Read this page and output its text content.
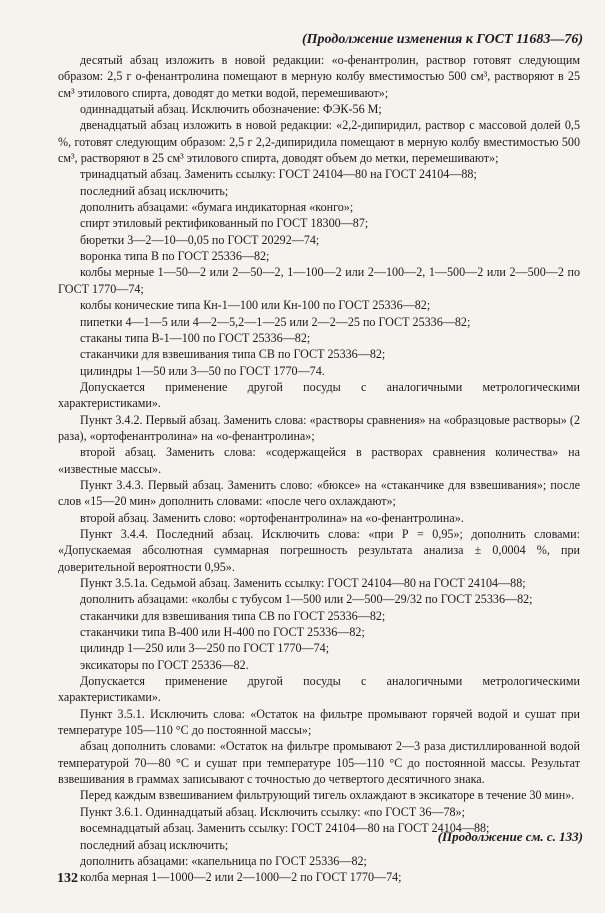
(Продолжение изменения к ГОСТ 11683—76)

десятый абзац изложить в новой редакции: «о-фенантролин, раствор готовят следующим образом: 2,5 г о-фенантролина помещают в мерную колбу вместимостью 500 см³, растворяют в 25 см³ этилового спирта, доводят до метки водой, перемешивают»;

одиннадцатый абзац. Исключить обозначение: ФЭК-56 М;

двенадцатый абзац изложить в новой редакции: «2,2-дипиридил, раствор с массовой долей 0,5 %, готовят следующим образом: 2,5 г 2,2-дипиридила помещают в мерную колбу вместимостью 500 см³, растворяют в 25 см³ этилового спирта, доводят объем до метки, перемешивают»;

тринадцатый абзац. Заменить ссылку: ГОСТ 24104—80 на ГОСТ 24104—88;

последний абзац исключить;

дополнить абзацами: «бумага индикаторная «конго»;

спирт этиловый ректификованный по ГОСТ 18300—87;

бюретки 3—2—10—0,05 по ГОСТ 20292—74;

воронка типа В по ГОСТ 25336—82;

колбы мерные 1—50—2 или 2—50—2, 1—100—2 или 2—100—2, 1—500—2 или 2—500—2 по ГОСТ 1770—74;

колбы конические типа Кн-1—100 или Кн-100 по ГОСТ 25336—82;

пипетки 4—1—5 или 4—2—5,2—1—25 или 2—2—25 по ГОСТ 25336—82;

стаканы типа В-1—100 по ГОСТ 25336—82;

стаканчики для взвешивания типа СВ по ГОСТ 25336—82;

цилиндры 1—50 или 3—50 по ГОСТ 1770—74.

Допускается применение другой посуды с аналогичными метрологическими характеристиками».

Пункт 3.4.2. Первый абзац. Заменить слова: «растворы сравнения» на «образцовые растворы» (2 раза), «ортофенантролина» на «о-фенантролина»;

второй абзац. Заменить слова: «содержащейся в растворах сравнения количества» на «известные массы».

Пункт 3.4.3. Первый абзац. Заменить слово: «бюксе» на «стаканчике для взвешивания»; после слов «15—20 мин» дополнить словами: «после чего охлаждают»;

второй абзац. Заменить слово: «ортофенантролина» на «о-фенантролина».

Пункт 3.4.4. Последний абзац. Исключить слова: «при Р = 0,95»; дополнить словами: «Допускаемая абсолютная суммарная погрешность результата анализа ± 0,0004 %, при доверительной вероятности 0,95».

Пункт 3.5.1а. Седьмой абзац. Заменить ссылку: ГОСТ 24104—80 на ГОСТ 24104—88;

дополнить абзацами: «колбы с тубусом 1—500 или 2—500—29/32 по ГОСТ 25336—82;

стаканчики для взвешивания типа СВ по ГОСТ 25336—82;

стаканчики типа В-400 или Н-400 по ГОСТ 25336—82;

цилиндр 1—250 или 3—250 по ГОСТ 1770—74;

эксикаторы по ГОСТ 25336—82.

Допускается применение другой посуды с аналогичными метрологическими характеристиками».

Пункт 3.5.1. Исключить слова: «Остаток на фильтре промывают горячей водой и сушат при температуре 105—110 °С до постоянной массы»;

абзац дополнить словами: «Остаток на фильтре промывают 2—3 раза дистиллированной водой температурой 70—80 °С и сушат при температуре 105—110 °С до постоянной массы. Результат взвешивания в граммах записывают с точностью до четвертого десятичного знака.

Перед каждым взвешиванием фильтрующий тигель охлаждают в эксикаторе в течение 30 мин».

Пункт 3.6.1. Одиннадцатый абзац. Исключить ссылку: «по ГОСТ 36—78»;

восемнадцатый абзац. Заменить ссылку: ГОСТ 24104—80 на ГОСТ 24104—88;

последний абзац исключить;

дополнить абзацами: «капельница по ГОСТ 25336—82;

колба мерная 1—1000—2 или 2—1000—2 по ГОСТ 1770—74;

(Продолжение см. с. 133)
132
